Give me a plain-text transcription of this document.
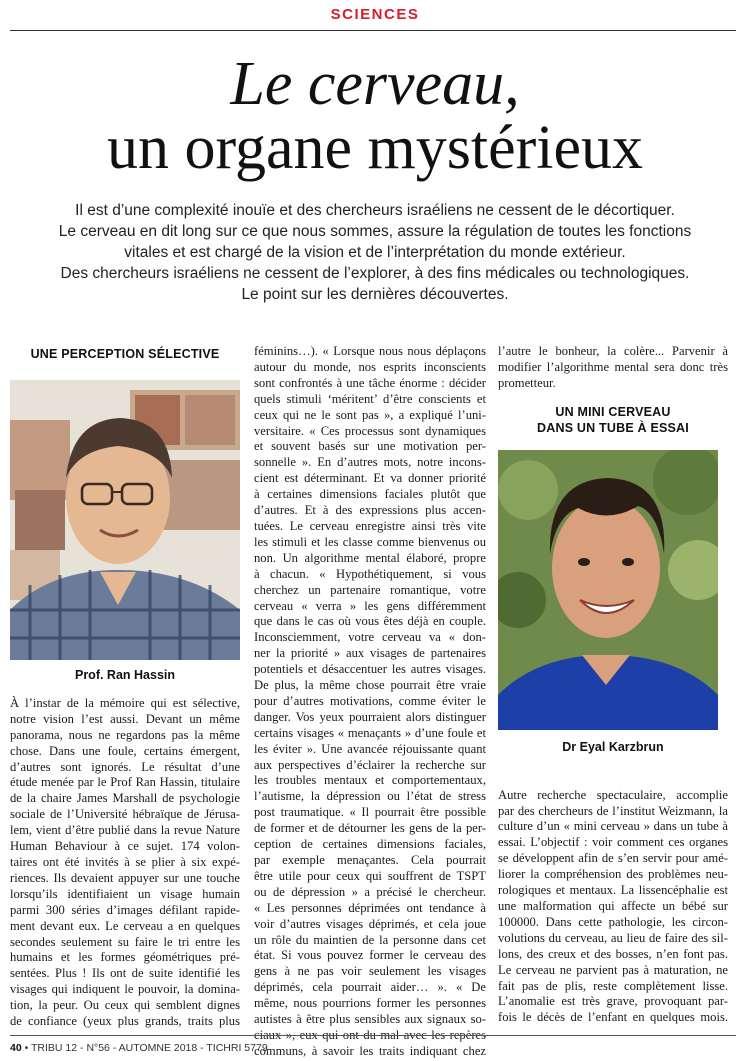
SCIENCES
Le cerveau,
un organe mystérieux
Il est d’une complexité inouïe et des chercheurs israéliens ne cessent de le décortiquer.
Le cerveau en dit long sur ce que nous sommes, assure la régulation de toutes les fonctions
vitales et est chargé de la vision et de l’interprétation du monde extérieur.
Des chercheurs israéliens ne cessent de l’explorer, à des fins médicales ou technologiques.
Le point sur les dernières découvertes.
UNE PERCEPTION SÉLECTIVE
Prof. Ran Hassin

À l’instar de la mémoire qui est sélective,
notre vision l’est aussi. Devant un même
panorama, nous ne regardons pas la même
chose. Dans une foule, certains émergent,
d’autres sont ignorés. Le résultat d’une
étude menée par le Prof Ran Hassin, titulaire
de la chaire James Marshall de psychologie
sociale de l’Université hébraïque de Jérusa-
lem, vient d’être publié dans la revue Nature
Human Behaviour à ce sujet. 174 volon-
taires ont été invités à se plier à six expé-
riences. Ils devaient appuyer sur une touche
lorsqu’ils identifiaient un visage humain
parmi 300 séries d’images défilant rapide-
ment devant eux. Le cerveau a en quelques
secondes seulement su faire le tri entre les
humains et les formes géométriques pré-
sentées. Plus ! Ils ont de suite identifié les
visages qui indiquent le pouvoir, la domina-
tion, la peur. Ou ceux qui semblent dignes
de confiance (yeux plus grands, traits plus

féminins…). « Lorsque nous nous déplaçons
autour du monde, nos esprits inconscients
sont confrontés à une tâche énorme : décider
quels stimuli ‘méritent’ d’être conscients et
ceux qui ne le sont pas », a expliqué l’uni-
versitaire. « Ces processus sont dynamiques
et souvent basés sur une motivation per-
sonnelle ». En d’autres mots, notre incons-
cient est déterminant. Et va donner priorité
à certaines dimensions faciales plutôt que
d’autres. Et à des expressions plus accen-
tuées. Le cerveau enregistre ainsi très vite
les stimuli et les classe comme bienvenus ou
non. Un algorithme mental élaboré, propre
à chacun. « Hypothétiquement, si vous
cherchez un partenaire romantique, votre
cerveau « verra » les gens différemment
que dans le cas où vous êtes déjà en couple.
Inconsciemment, votre cerveau va « don-
ner la priorité » aux visages de partenaires
potentiels et désaccentuer les autres visages.
De plus, la même chose pourrait être vraie
pour d’autres motivations, comme éviter le
danger. Vos yeux pourraient alors distinguer
certains visages « menaçants » d’une foule et
les éviter ». Une avancée réjouissante quant
aux perspectives d’éclairer la recherche sur
les troubles mentaux et comportementaux,
l’autisme, la dépression ou l’état de stress
post traumatique. « Il pourrait être possible
de former et de détourner les gens de la per-
ception de certaines dimensions faciales,
par exemple menaçantes. Cela pourrait
être utile pour ceux qui souffrent de TSPT
ou de dépression » a précisé le chercheur.
« Les personnes déprimées ont tendance à
voir d’autres visages déprimés, et cela joue
un rôle du maintien de la personne dans cet
état. Si vous pouvez former le cerveau des
gens à ne pas voir seulement les visages
déprimés, cela pourrait aider… ». « De
même, nous pourrions former les personnes
autistes à être plus sensibles aux signaux so-
ciaux », eux qui ont du mal avec les repères
communs, à savoir les traits indiquant chez

l’autre le bonheur, la colère... Parvenir à
modifier l’algorithme mental sera donc très
prometteur.

UN MINI CERVEAU
DANS UN TUBE À ESSAI
Dr Eyal Karzbrun

Autre recherche spectaculaire, accomplie
par des chercheurs de l’institut Weizmann, la
culture d’un « mini cerveau » dans un tube à
essai. L’objectif : voir comment ces organes
se développent afin de s’en servir pour amé-
liorer la compréhension des problèmes neu-
rologiques et mentaux. La lissencéphalie est
une malformation qui affecte un bébé sur
100000. Dans cette pathologie, les circon-
volutions du cerveau, au lieu de faire des sil-
lons, des creux et des bosses, n’en font pas.
Le cerveau ne parvient pas à maturation, ne
fait pas de plis, reste complètement lisse.
L’anomalie est très grave, provoquant par-
fois le décès de l’enfant en quelques mois.

40 • TRIBU 12 - N°56 - AUTOMNE 2018 - TICHRI 5779
